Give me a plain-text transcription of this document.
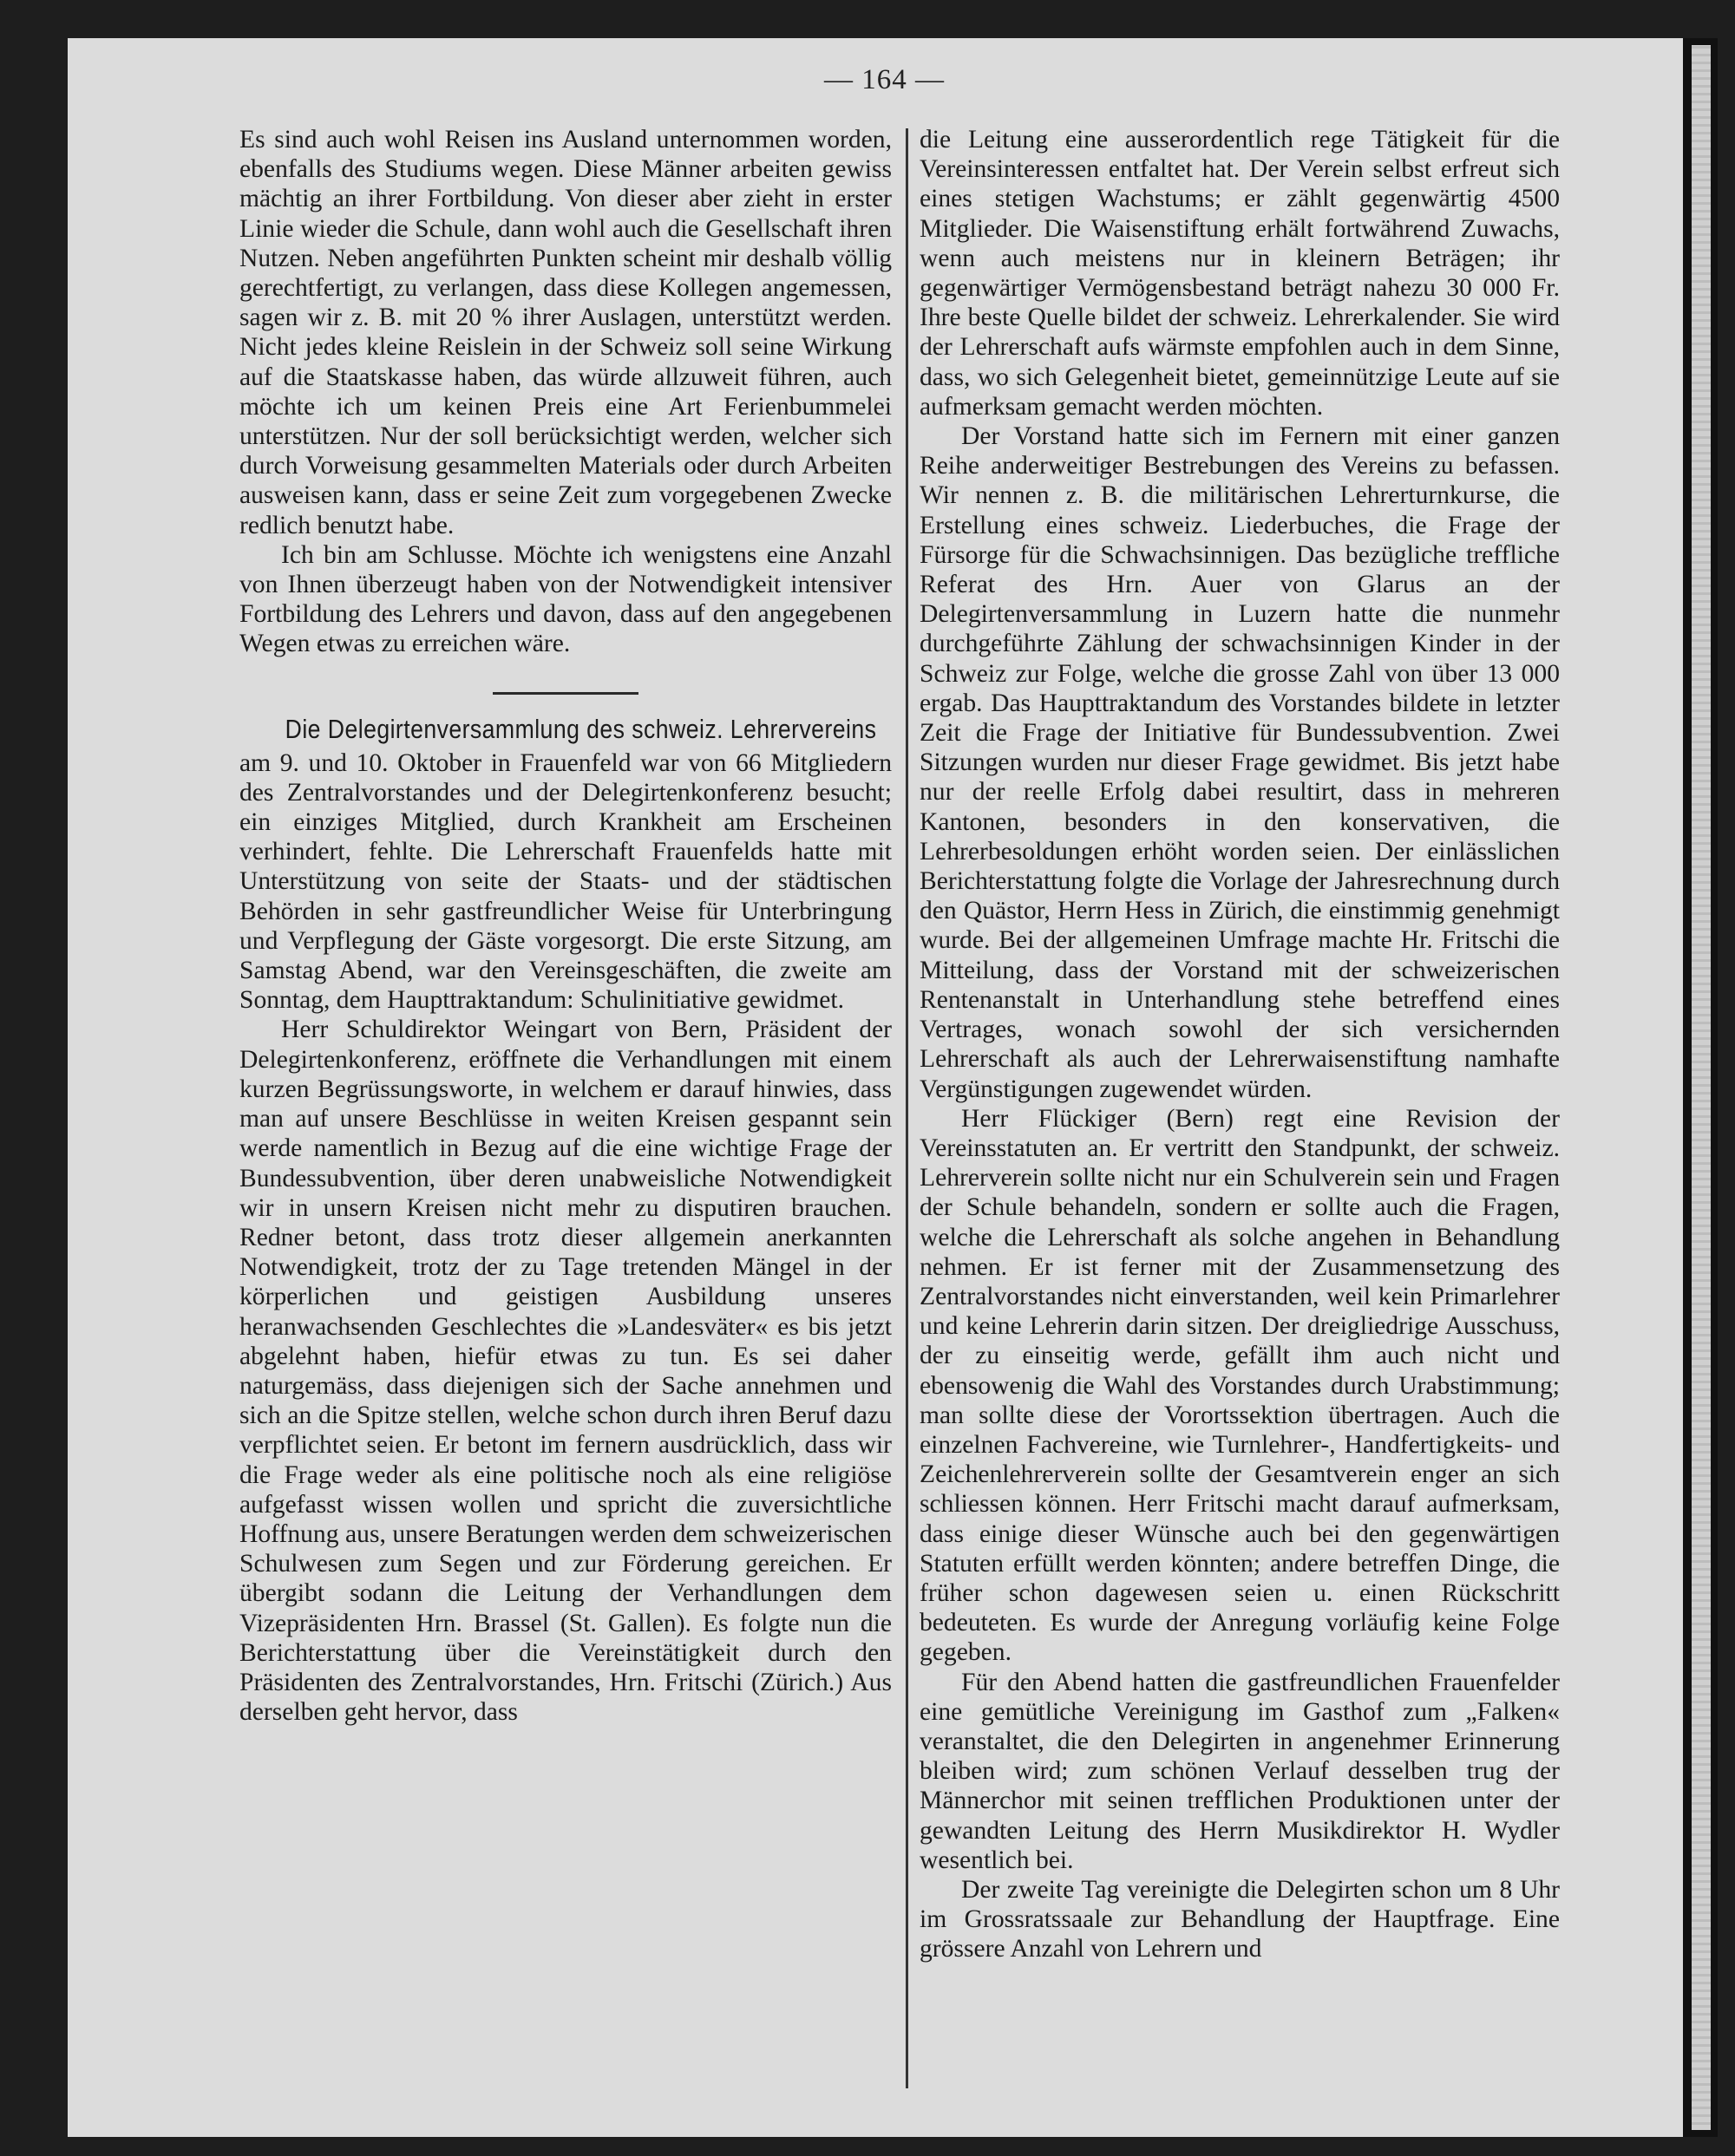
— 164 —

Es sind auch wohl Reisen ins Ausland unternommen worden, ebenfalls des Studiums wegen. Diese Männer arbeiten gewiss mächtig an ihrer Fortbildung. Von dieser aber zieht in erster Linie wieder die Schule, dann wohl auch die Gesellschaft ihren Nutzen. Neben angeführten Punkten scheint mir deshalb völlig gerechtfertigt, zu verlangen, dass diese Kollegen angemessen, sagen wir z. B. mit 20 % ihrer Auslagen, unterstützt werden. Nicht jedes kleine Reislein in der Schweiz soll seine Wirkung auf die Staatskasse haben, das würde allzuweit führen, auch möchte ich um keinen Preis eine Art Ferienbummelei unterstützen. Nur der soll berücksichtigt werden, welcher sich durch Vorweisung gesammelten Materials oder durch Arbeiten ausweisen kann, dass er seine Zeit zum vorgegebenen Zwecke redlich benutzt habe.

Ich bin am Schlusse. Möchte ich wenigstens eine Anzahl von Ihnen überzeugt haben von der Notwendigkeit intensiver Fortbildung des Lehrers und davon, dass auf den angegebenen Wegen etwas zu erreichen wäre.

Die Delegirtenversammlung des schweiz. Lehrervereins

am 9. und 10. Oktober in Frauenfeld war von 66 Mitgliedern des Zentralvorstandes und der Delegirtenkonferenz besucht; ein einziges Mitglied, durch Krankheit am Erscheinen verhindert, fehlte. Die Lehrerschaft Frauenfelds hatte mit Unterstützung von seite der Staats- und der städtischen Behörden in sehr gastfreundlicher Weise für Unterbringung und Verpflegung der Gäste vorgesorgt. Die erste Sitzung, am Samstag Abend, war den Vereinsgeschäften, die zweite am Sonntag, dem Haupttraktandum: Schulinitiative gewidmet.

Herr Schuldirektor Weingart von Bern, Präsident der Delegirtenkonferenz, eröffnete die Verhandlungen mit einem kurzen Begrüssungsworte, in welchem er darauf hinwies, dass man auf unsere Beschlüsse in weiten Kreisen gespannt sein werde namentlich in Bezug auf die eine wichtige Frage der Bundessubvention, über deren unabweisliche Notwendigkeit wir in unsern Kreisen nicht mehr zu disputiren brauchen. Redner betont, dass trotz dieser allgemein anerkannten Notwendigkeit, trotz der zu Tage tretenden Mängel in der körperlichen und geistigen Ausbildung unseres heranwachsenden Geschlechtes die »Landesväter« es bis jetzt abgelehnt haben, hiefür etwas zu tun. Es sei daher naturgemäss, dass diejenigen sich der Sache annehmen und sich an die Spitze stellen, welche schon durch ihren Beruf dazu verpflichtet seien. Er betont im fernern ausdrücklich, dass wir die Frage weder als eine politische noch als eine religiöse aufgefasst wissen wollen und spricht die zuversichtliche Hoffnung aus, unsere Beratungen werden dem schweizerischen Schulwesen zum Segen und zur Förderung gereichen. Er übergibt sodann die Leitung der Verhandlungen dem Vizepräsidenten Hrn. Brassel (St. Gallen). Es folgte nun die Berichterstattung über die Vereinstätigkeit durch den Präsidenten des Zentralvorstandes, Hrn. Fritschi (Zürich.) Aus derselben geht hervor, dass

die Leitung eine ausserordentlich rege Tätigkeit für die Vereinsinteressen entfaltet hat. Der Verein selbst erfreut sich eines stetigen Wachstums; er zählt gegenwärtig 4500 Mitglieder. Die Waisenstiftung erhält fortwährend Zuwachs, wenn auch meistens nur in kleinern Beträgen; ihr gegenwärtiger Vermögensbestand beträgt nahezu 30 000 Fr. Ihre beste Quelle bildet der schweiz. Lehrerkalender. Sie wird der Lehrerschaft aufs wärmste empfohlen auch in dem Sinne, dass, wo sich Gelegenheit bietet, gemeinnützige Leute auf sie aufmerksam gemacht werden möchten.

Der Vorstand hatte sich im Fernern mit einer ganzen Reihe anderweitiger Bestrebungen des Vereins zu befassen. Wir nennen z. B. die militärischen Lehrerturnkurse, die Erstellung eines schweiz. Liederbuches, die Frage der Fürsorge für die Schwachsinnigen. Das bezügliche treffliche Referat des Hrn. Auer von Glarus an der Delegirtenversammlung in Luzern hatte die nunmehr durchgeführte Zählung der schwachsinnigen Kinder in der Schweiz zur Folge, welche die grosse Zahl von über 13 000 ergab. Das Haupttraktandum des Vorstandes bildete in letzter Zeit die Frage der Initiative für Bundessubvention. Zwei Sitzungen wurden nur dieser Frage gewidmet. Bis jetzt habe nur der reelle Erfolg dabei resultirt, dass in mehreren Kantonen, besonders in den konservativen, die Lehrerbesoldungen erhöht worden seien. Der einlässlichen Berichterstattung folgte die Vorlage der Jahresrechnung durch den Quästor, Herrn Hess in Zürich, die einstimmig genehmigt wurde. Bei der allgemeinen Umfrage machte Hr. Fritschi die Mitteilung, dass der Vorstand mit der schweizerischen Rentenanstalt in Unterhandlung stehe betreffend eines Vertrages, wonach sowohl der sich versichernden Lehrerschaft als auch der Lehrerwaisenstiftung namhafte Vergünstigungen zugewendet würden.

Herr Flückiger (Bern) regt eine Revision der Vereinsstatuten an. Er vertritt den Standpunkt, der schweiz. Lehrerverein sollte nicht nur ein Schulverein sein und Fragen der Schule behandeln, sondern er sollte auch die Fragen, welche die Lehrerschaft als solche angehen in Behandlung nehmen. Er ist ferner mit der Zusammensetzung des Zentralvorstandes nicht einverstanden, weil kein Primarlehrer und keine Lehrerin darin sitzen. Der dreigliedrige Ausschuss, der zu einseitig werde, gefällt ihm auch nicht und ebensowenig die Wahl des Vorstandes durch Urabstimmung; man sollte diese der Vorortssektion übertragen. Auch die einzelnen Fachvereine, wie Turnlehrer-, Handfertigkeits- und Zeichenlehrerverein sollte der Gesamtverein enger an sich schliessen können. Herr Fritschi macht darauf aufmerksam, dass einige dieser Wünsche auch bei den gegenwärtigen Statuten erfüllt werden könnten; andere betreffen Dinge, die früher schon dagewesen seien u. einen Rückschritt bedeuteten. Es wurde der Anregung vorläufig keine Folge gegeben.

Für den Abend hatten die gastfreundlichen Frauenfelder eine gemütliche Vereinigung im Gasthof zum „Falken« veranstaltet, die den Delegirten in angenehmer Erinnerung bleiben wird; zum schönen Verlauf desselben trug der Männerchor mit seinen trefflichen Produktionen unter der gewandten Leitung des Herrn Musikdirektor H. Wydler wesentlich bei.

Der zweite Tag vereinigte die Delegirten schon um 8 Uhr im Grossratssaale zur Behandlung der Hauptfrage. Eine grössere Anzahl von Lehrern und
